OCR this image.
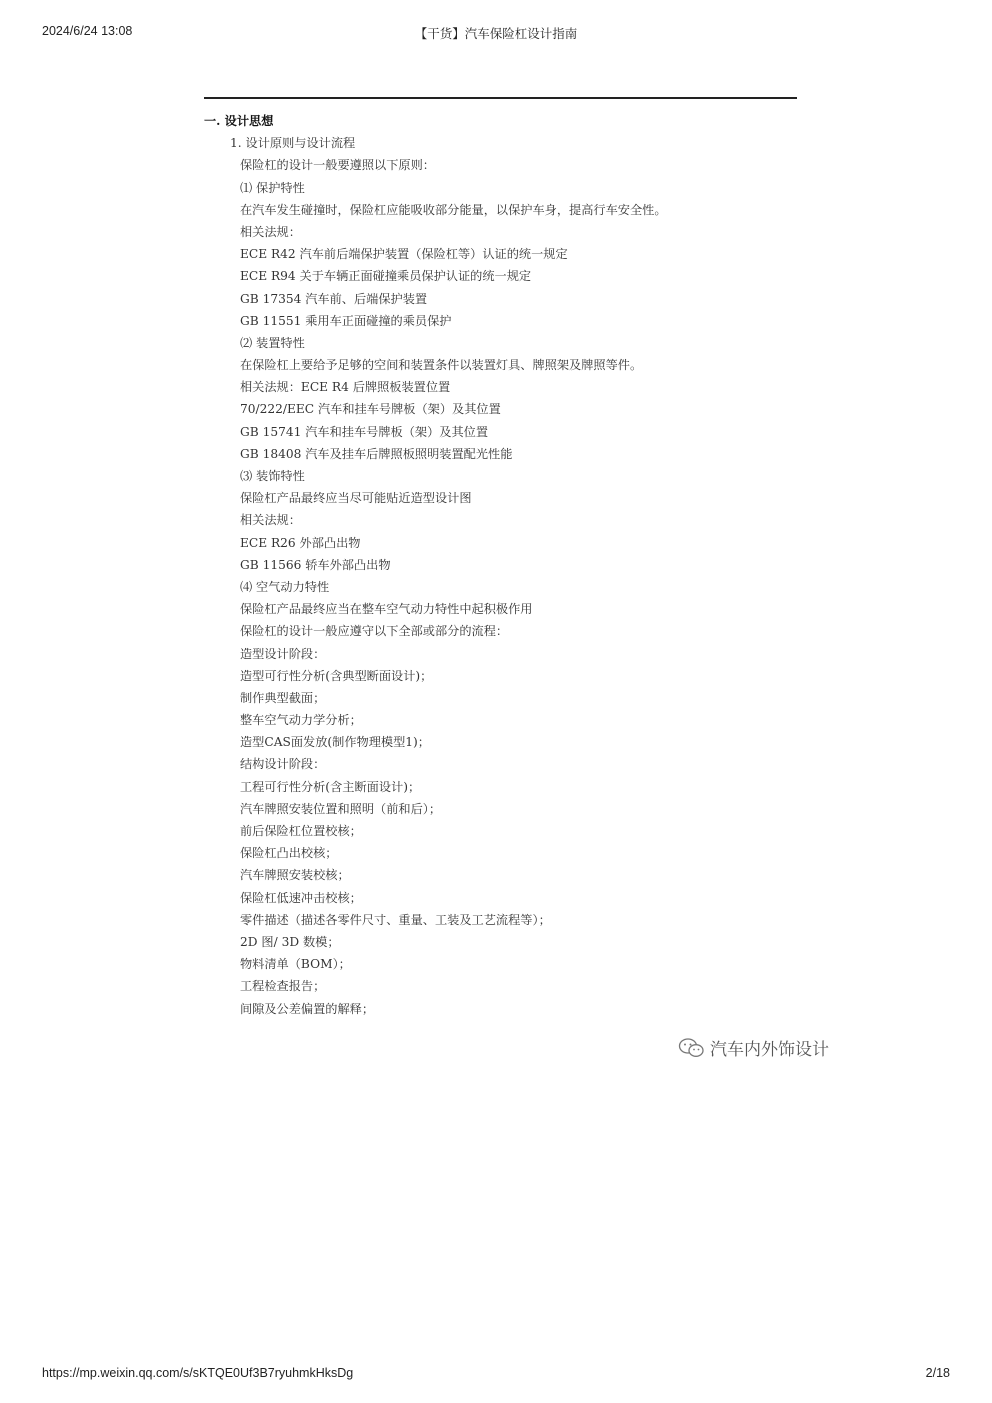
2024/6/24 13:08	【干货】汽车保险杠设计指南
一. 设计思想
1. 设计原则与设计流程
保险杠的设计一般要遵照以下原则：
⑴ 保护特性
在汽车发生碰撞时，保险杠应能吸收部分能量，以保护车身，提高行车安全性。
相关法规：
ECE R42 汽车前后端保护装置（保险杠等）认证的统一规定
ECE R94 关于车辆正面碰撞乘员保护认证的统一规定
GB 17354 汽车前、后端保护装置
GB 11551 乘用车正面碰撞的乘员保护
⑵ 装置特性
在保险杠上要给予足够的空间和装置条件以装置灯具、牌照架及牌照等件。
相关法规：ECE R4 后牌照板装置位置
70/222/EEC 汽车和挂车号牌板（架）及其位置
GB 15741 汽车和挂车号牌板（架）及其位置
GB 18408 汽车及挂车后牌照板照明装置配光性能
⑶ 装饰特性
保险杠产品最终应当尽可能贴近造型设计图
相关法规：
ECE R26 外部凸出物
GB 11566 轿车外部凸出物
⑷ 空气动力特性
保险杠产品最终应当在整车空气动力特性中起积极作用
保险杠的设计一般应遵守以下全部或部分的流程：
造型设计阶段：
造型可行性分析(含典型断面设计)；
制作典型截面；
整车空气动力学分析；
造型CAS面发放(制作物理模型1)；
结构设计阶段：
工程可行性分析(含主断面设计)；
汽车牌照安装位置和照明（前和后）；
前后保险杠位置校核；
保险杠凸出校核；
汽车牌照安装校核；
保险杠低速冲击校核；
零件描述（描述各零件尺寸、重量、工装及工艺流程等）；
2D 图/ 3D 数模；
物料清单（BOM）；
工程检查报告；
间隙及公差偏置的解释；
汽车内外饰设计
https://mp.weixin.qq.com/s/sKTQE0Uf3B7ryuhmkHksDg	2/18
